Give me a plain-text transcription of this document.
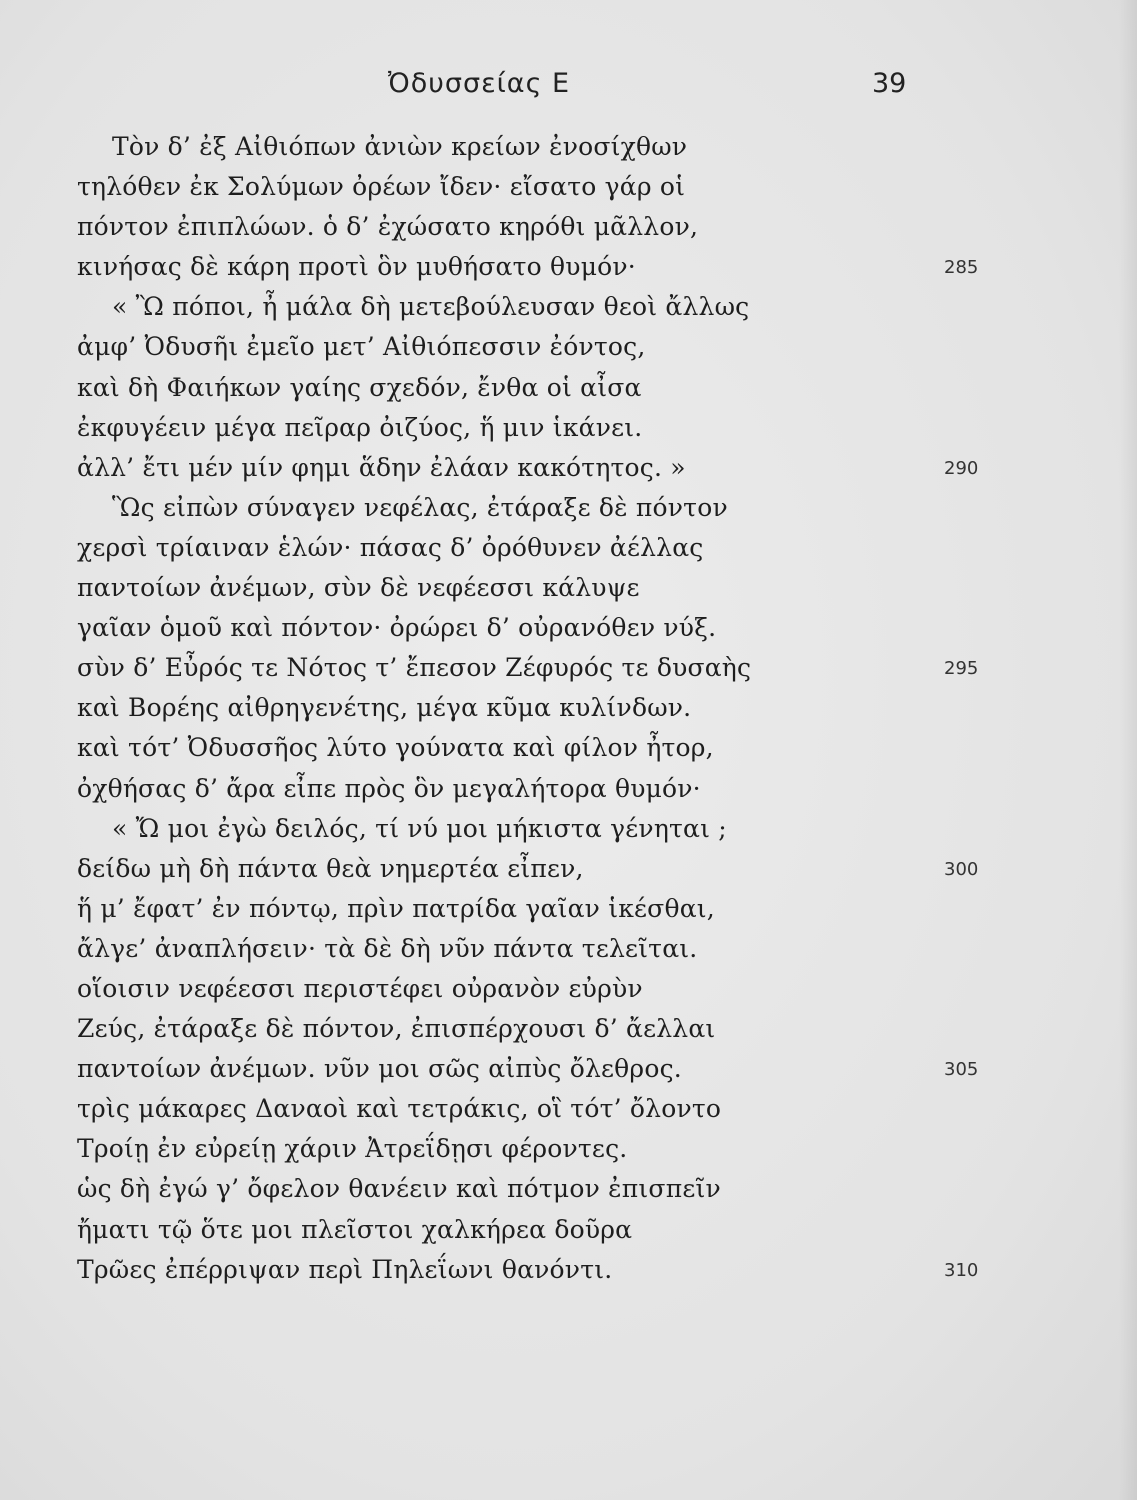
Ὀδυσσείας Ε	39
Τὸν δ’ ἐξ Αἰθιόπων ἀνιὼν κρείων ἐνοσίχθων
τηλόθεν ἐκ Σολύμων ὀρέων ἴδεν· εἴσατο γάρ οἱ
πόντον ἐπιπλώων. ὁ δ’ ἐχώσατο κηρόθι μᾶλλον,
κινήσας δὲ κάρη προτὶ ὃν μυθήσατο θυμόν·	285
« Ὢ πόποι, ἦ μάλα δὴ μετεβούλευσαν θεοὶ ἄλλως
ἀμφ’ Ὀδυσῆι ἐμεῖο μετ’ Αἰθιόπεσσιν ἐόντος,
καὶ δὴ Φαιήκων γαίης σχεδόν, ἔνθα οἱ αἶσα
ἐκφυγέειν μέγα πεῖραρ ὀιζύος, ἥ μιν ἱκάνει.
ἀλλ’ ἔτι μέν μίν φημι ἅδην ἐλάαν κακότητος. »	290
Ὣς εἰπὼν σύναγεν νεφέλας, ἐτάραξε δὲ πόντον
χερσὶ τρίαιναν ἑλών· πάσας δ’ ὀρόθυνεν ἀέλλας
παντοίων ἀνέμων, σὺν δὲ νεφέεσσι κάλυψε
γαῖαν ὁμοῦ καὶ πόντον· ὀρώρει δ’ οὐρανόθεν νύξ.
σὺν δ’ Εὖρός τε Νότος τ’ ἔπεσον Ζέφυρός τε δυσαὴς	295
καὶ Βορέης αἰθρηγενέτης, μέγα κῦμα κυλίνδων.
καὶ τότ’ Ὀδυσσῆος λύτο γούνατα καὶ φίλον ἦτορ,
ὀχθήσας δ’ ἄρα εἶπε πρὸς ὃν μεγαλήτορα θυμόν·
« Ὤ μοι ἐγὼ δειλός, τί νύ μοι μήκιστα γένηται ;
δείδω μὴ δὴ πάντα θεὰ νημερτέα εἶπεν,	300
ἥ μ’ ἔφατ’ ἐν πόντῳ, πρὶν πατρίδα γαῖαν ἱκέσθαι,
ἄλγε’ ἀναπλήσειν· τὰ δὲ δὴ νῦν πάντα τελεῖται.
οἵοισιν νεφέεσσι περιστέφει οὐρανὸν εὐρὺν
Ζεύς, ἐτάραξε δὲ πόντον, ἐπισπέρχουσι δ’ ἄελλαι
παντοίων ἀνέμων. νῦν μοι σῶς αἰπὺς ὄλεθρος.	305
τρὶς μάκαρες Δαναοὶ καὶ τετράκις, οἳ τότ’ ὄλοντο
Τροίῃ ἐν εὐρείῃ χάριν Ἀτρεΐδῃσι φέροντες.
ὡς δὴ ἐγώ γ’ ὄφελον θανέειν καὶ πότμον ἐπισπεῖν
ἤματι τῷ ὅτε μοι πλεῖστοι χαλκήρεα δοῦρα
Τρῶες ἐπέρριψαν περὶ Πηλεΐωνι θανόντι.	310
